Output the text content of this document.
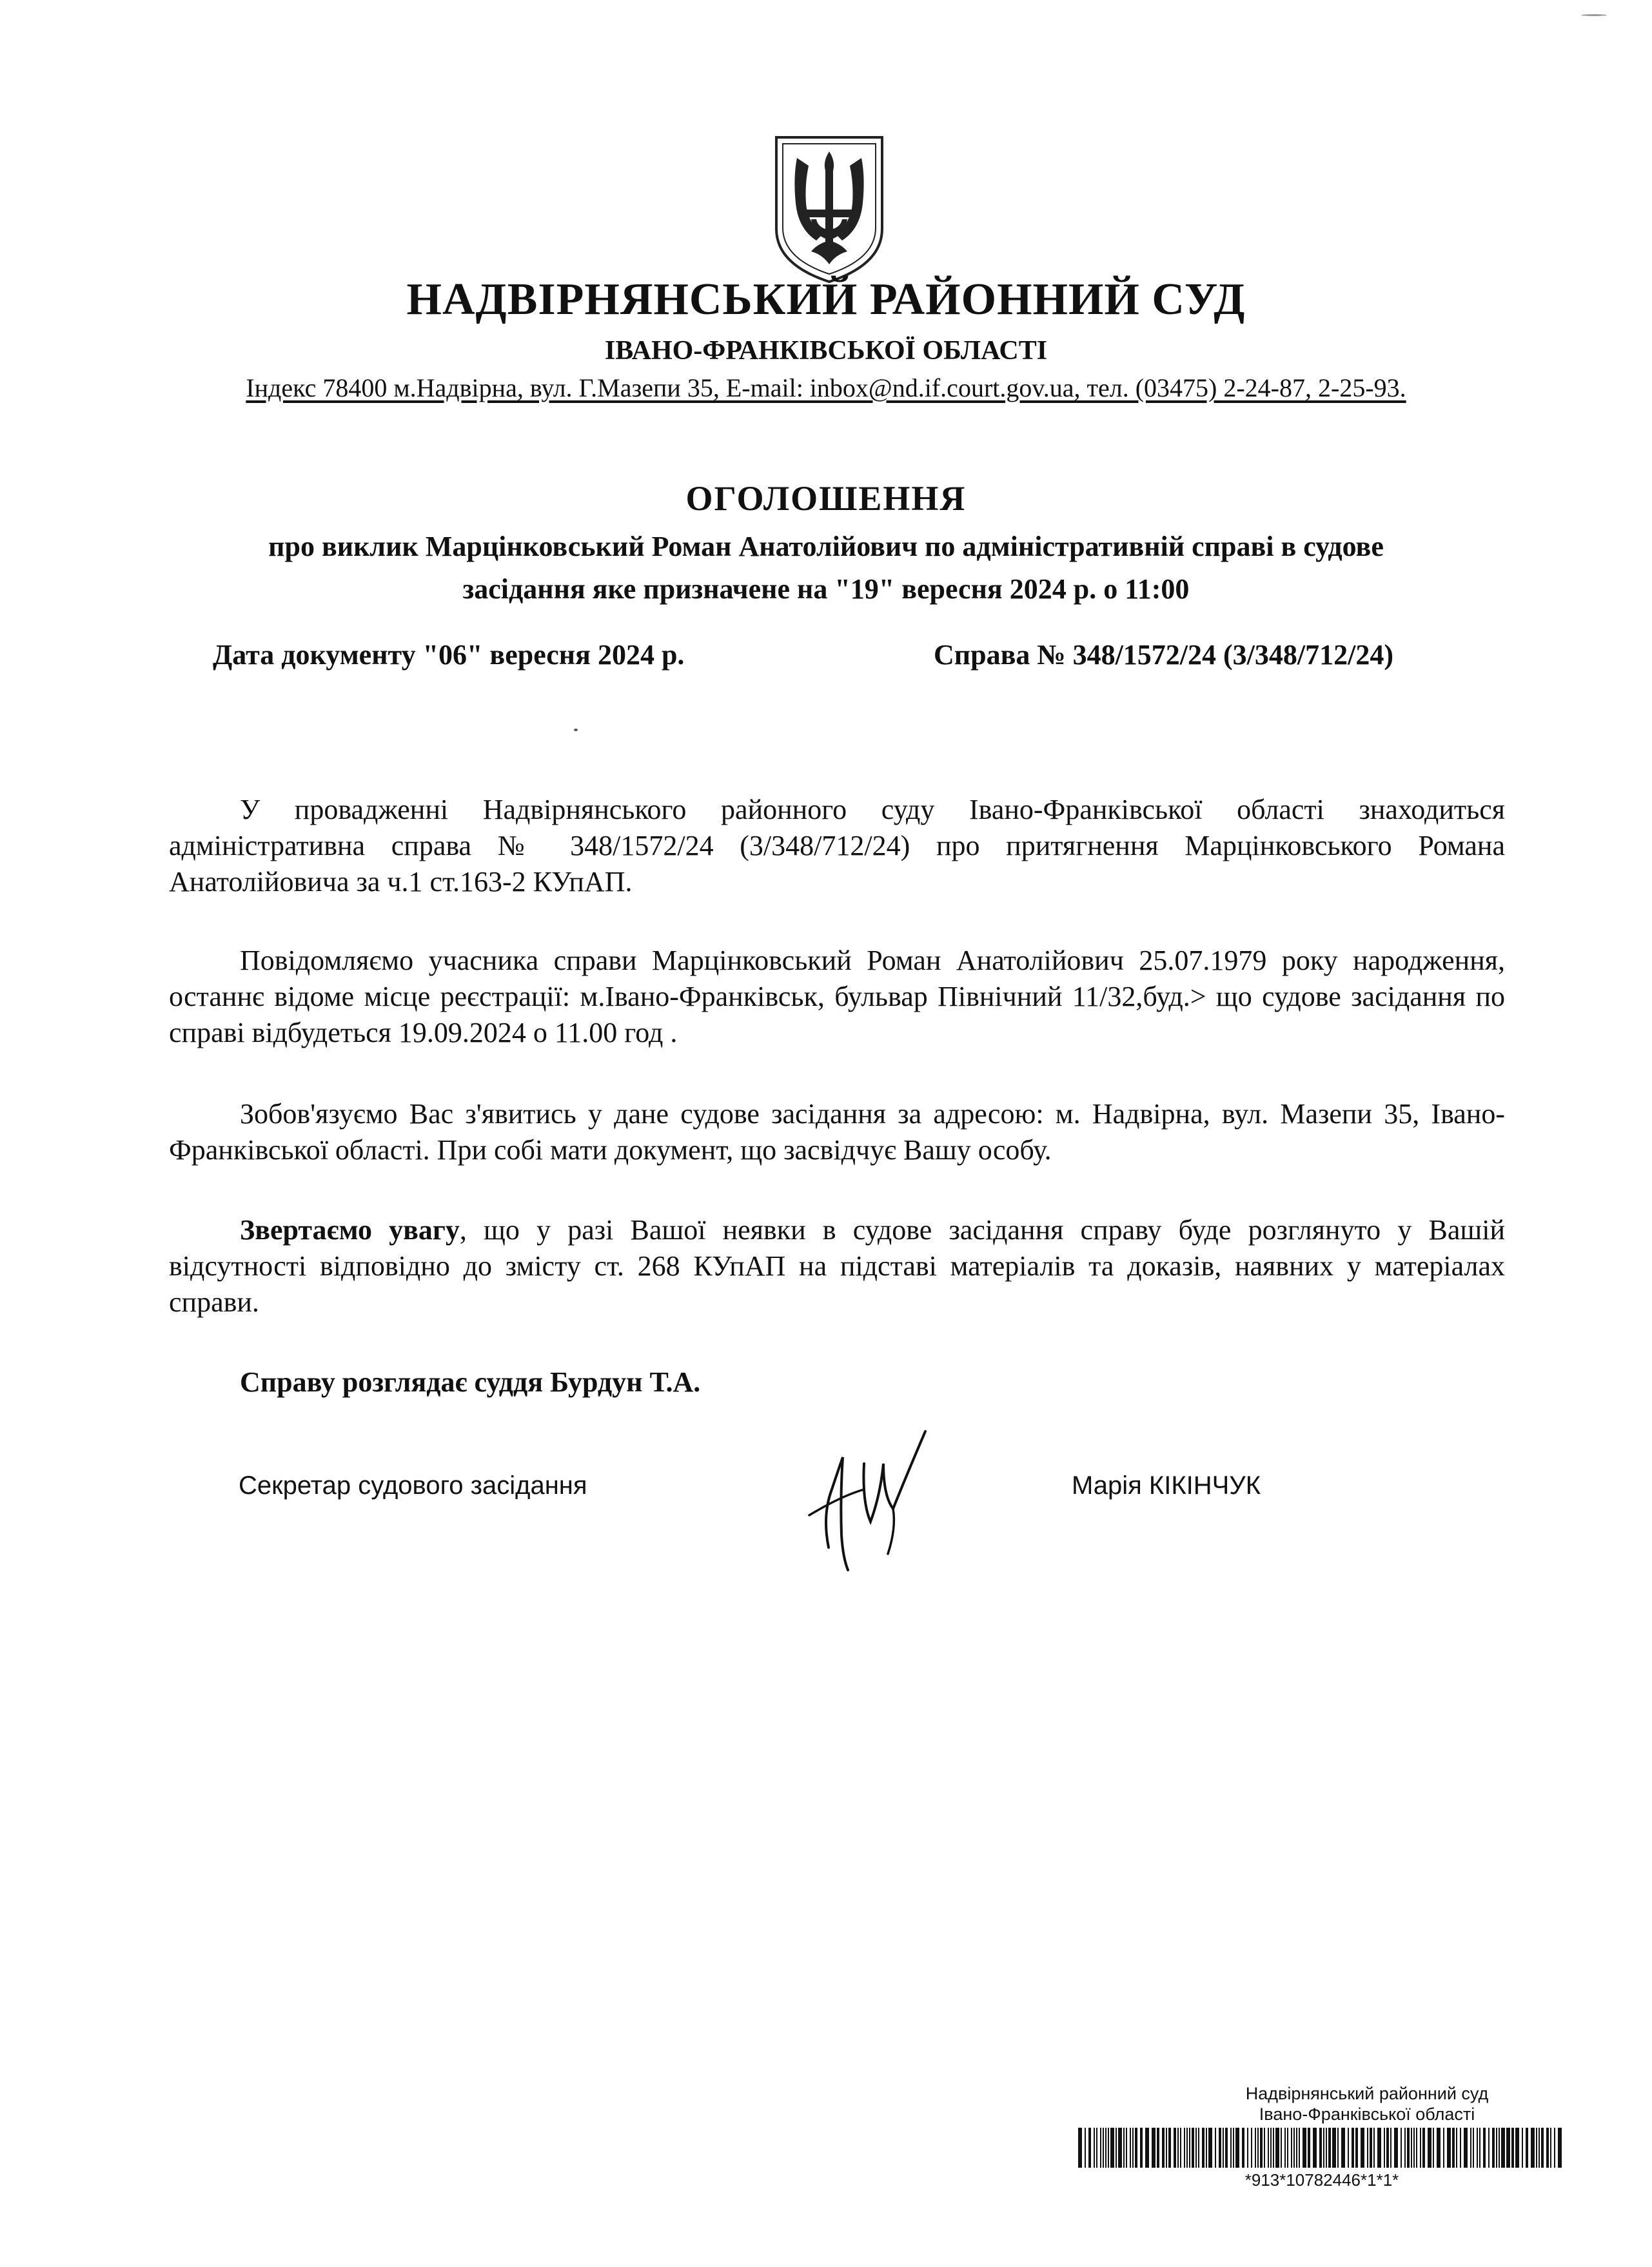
НАДВІРНЯНСЬКИЙ РАЙОННИЙ СУД
ІВАНО-ФРАНКІВСЬКОЇ ОБЛАСТІ
Індекс 78400 м.Надвірна, вул. Г.Мазепи 35, E-mail: inbox@nd.if.court.gov.ua, тел. (03475) 2-24-87, 2-25-93.
ОГОЛОШЕННЯ
про виклик Марцінковський Роман Анатолійович по адміністративній справі в судове
засідання яке призначене на "19" вересня 2024 р. о 11:00
Дата документу "06" вересня 2024 р.	Справа № 348/1572/24 (3/348/712/24)

У провадженні Надвірнянського районного суду Івано-Франківської області знаходиться адміністративна справа № 348/1572/24 (3/348/712/24) про притягнення Марцінковського Романа Анатолійовича за ч.1 ст.163-2 КУпАП.

Повідомляємо учасника справи Марцінковський Роман Анатолійович 25.07.1979 року народження, останнє відоме місце реєстрації: м.Івано-Франківськ, бульвар Північний 11/32,буд.> що судове засідання по справі відбудеться 19.09.2024 о 11.00 год .

Зобов'язуємо Вас з'явитись у дане судове засідання за адресою: м. Надвірна, вул. Мазепи 35, Івано-Франківської області. При собі мати документ, що засвідчує Вашу особу.

Звертаємо увагу, що у разі Вашої неявки в судове засідання справу буде розглянуто у Вашій відсутності відповідно до змісту ст. 268 КУпАП на підставі матеріалів та доказів, наявних у матеріалах справи.

Справу розглядає суддя Бурдун Т.А.
Секретар судового засідання	Марія КІКІНЧУК
Надвірнянський районний суд
Івано-Франківської області
*913*10782446*1*1*
